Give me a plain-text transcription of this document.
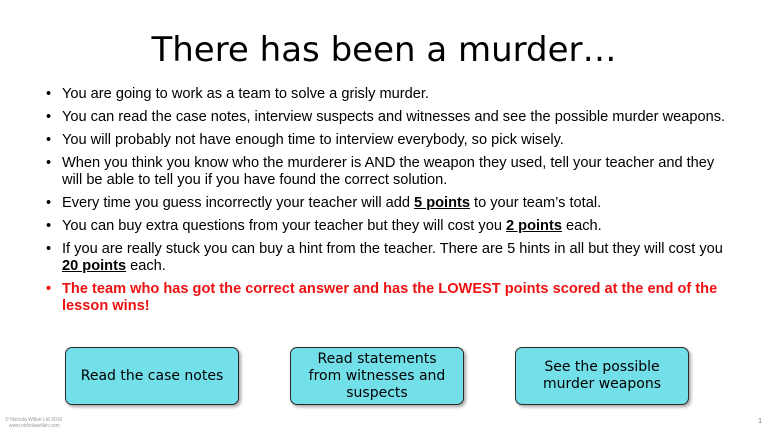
There has been a murder…
• You are going to work as a team to solve a grisly murder.
• You can read the case notes, interview suspects and witnesses and see the possible murder weapons.
• You will probably not have enough time to interview everybody, so pick wisely.
• When you think you know who the murderer is AND the weapon they used, tell your teacher and they will be able to tell you if you have found the correct solution.
• Every time you guess incorrectly your teacher will add 5 points to your team’s total.
• You can buy extra questions from your teacher but they will cost you 2 points each.
• If you are really stuck you can buy a hint from the teacher. There are 5 hints in all but they will cost you 20 points each.
• The team who has got the correct answer and has the LOWEST points scored at the end of the lesson wins!
Read the case notes
Read statements from witnesses and suspects
See the possible murder weapons
© Nichola Wilkin Ltd 2016
www.nicholawilkin.com
1
